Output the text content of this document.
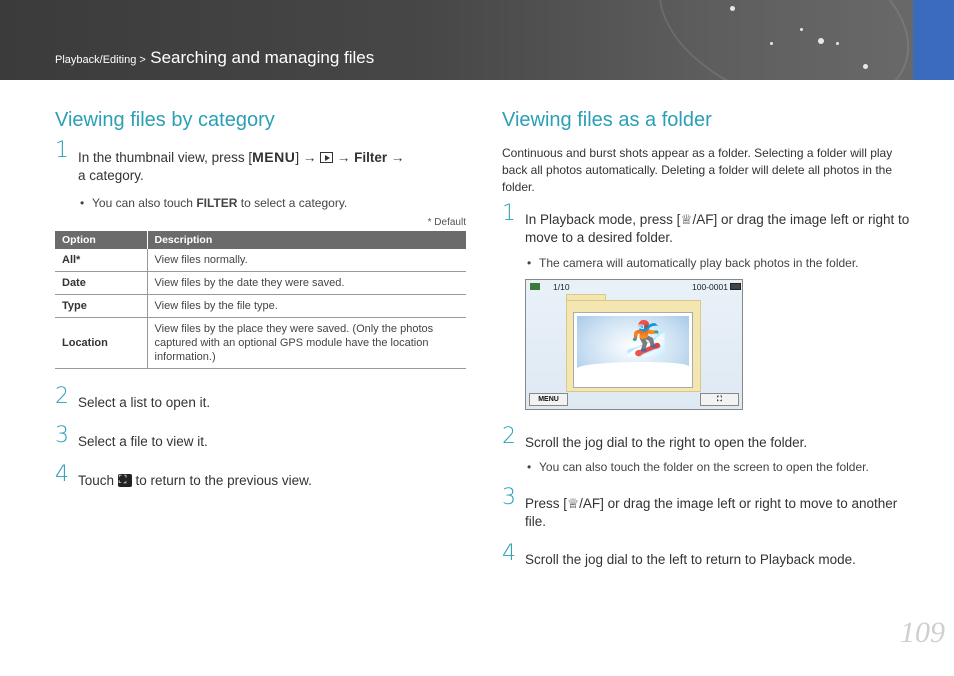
Playback/Editing > Searching and managing files
Viewing files by category
1 In the thumbnail view, press [MENU] → → Filter →
a category.
• You can also touch FILTER to select a category.
* Default
Option	Description
All*	View files normally.
Date	View files by the date they were saved.
Type	View files by the file type.
Location	View files by the place they were saved. (Only the photos captured with an optional GPS module have the location information.)
2 Select a list to open it.
3 Select a file to view it.
4 Touch ⛶ to return to the previous view.
Viewing files as a folder

Continuous and burst shots appear as a folder. Selecting a folder will play back all photos automatically. Deleting a folder will delete all photos in the folder.

1 In Playback mode, press [♕/AF] or drag the image left or right to move to a desired folder.
• The camera will automatically play back photos in the folder.
1/10	100-0001
🏂
MENU	⛶
2 Scroll the jog dial to the right to open the folder.
• You can also touch the folder on the screen to open the folder.
3 Press [♕/AF] or drag the image left or right to move to another file.
4 Scroll the jog dial to the left to return to Playback mode.
109
